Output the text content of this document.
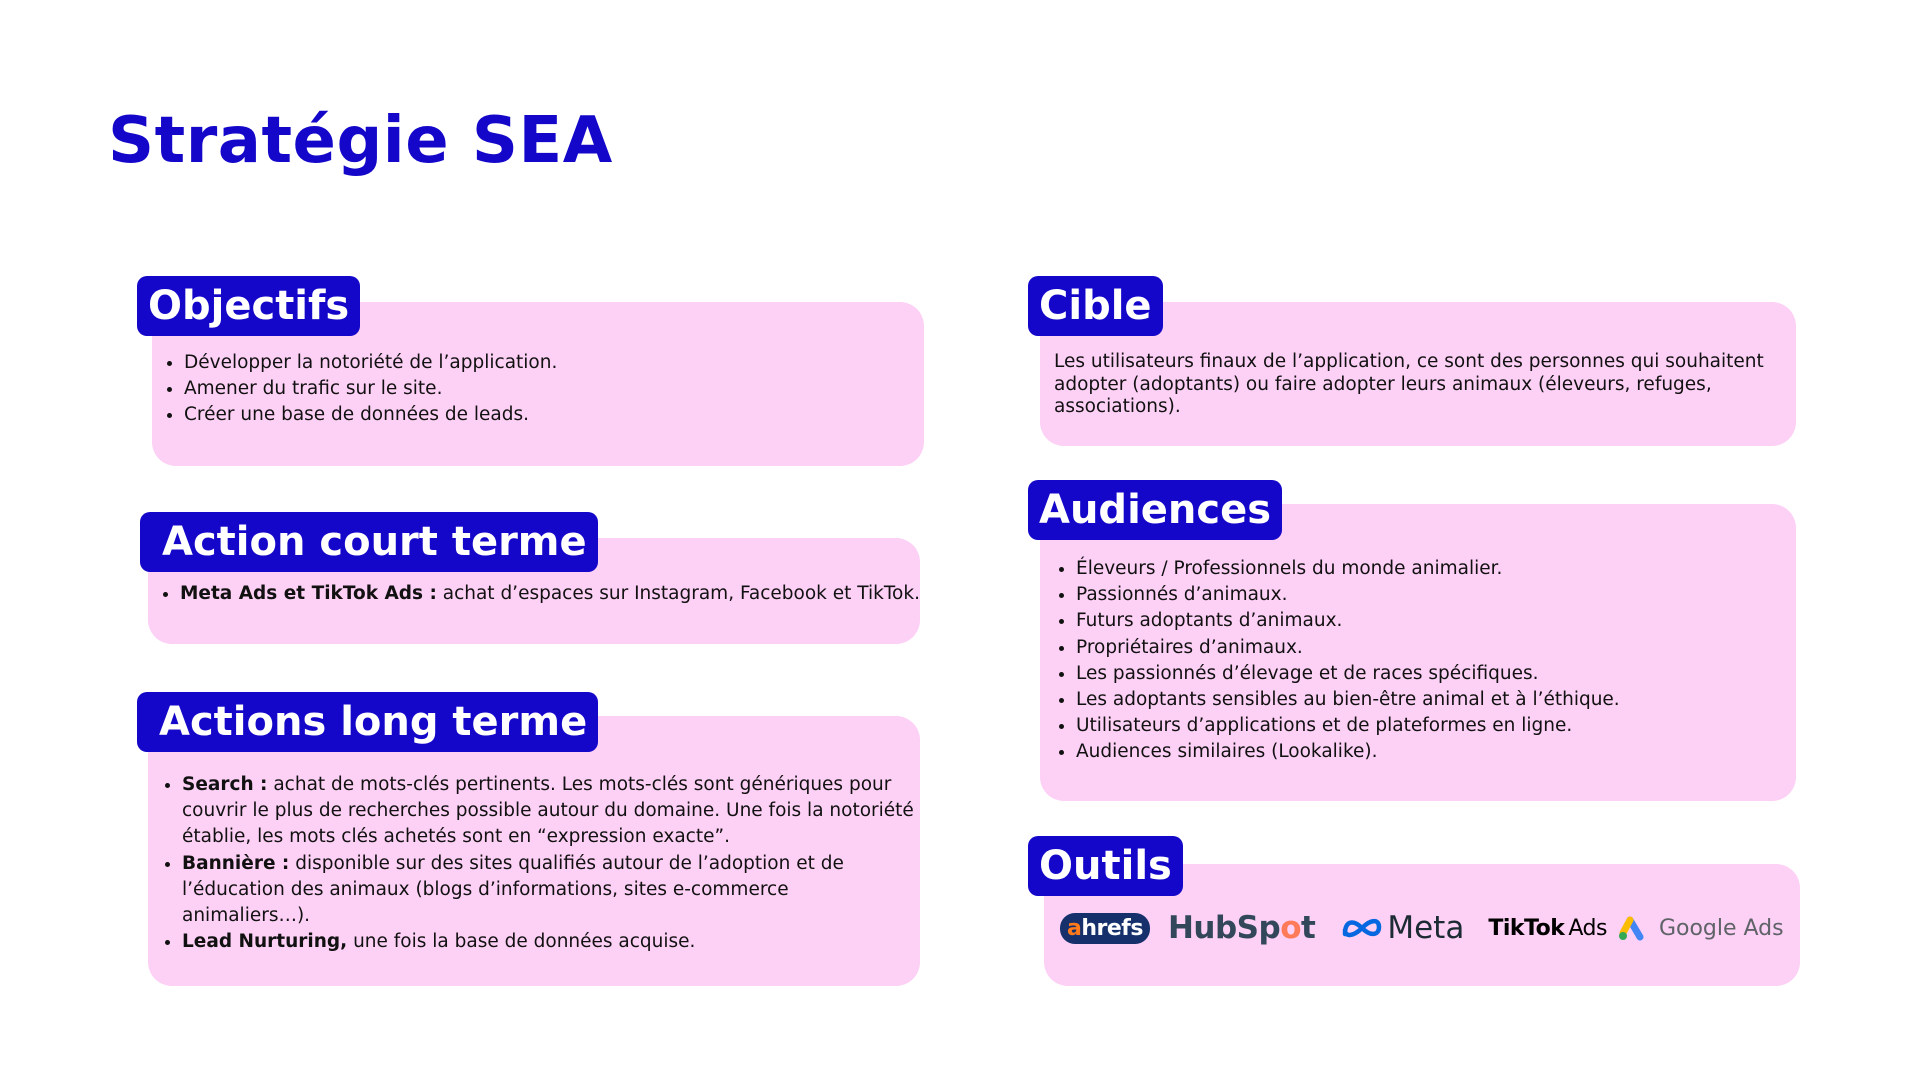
Stratégie SEA
Objectifs
• Développer la notoriété de l’application.
• Amener du trafic sur le site.
• Créer une base de données de leads.
Action court terme
• Meta Ads et TikTok Ads : achat d’espaces sur Instagram, Facebook et TikTok.
Actions long terme
• Search : achat de mots-clés pertinents. Les mots-clés sont génériques pour couvrir le plus de recherches possible autour du domaine. Une fois la notoriété établie, les mots clés achetés sont en “expression exacte”.
• Bannière : disponible sur des sites qualifiés autour de l’adoption et de l’éducation des animaux (blogs d’informations, sites e-commerce animaliers…).
• Lead Nurturing, une fois la base de données acquise.
Cible

Les utilisateurs finaux de l’application, ce sont des personnes qui souhaitent adopter (adoptants) ou faire adopter leurs animaux (éleveurs, refuges, associations).

Audiences
• Éleveurs / Professionnels du monde animalier.
• Passionnés d’animaux.
• Futurs adoptants d’animaux.
• Propriétaires d’animaux.
• Les passionnés d’élevage et de races spécifiques.
• Les adoptants sensibles au bien-être animal et à l’éthique.
• Utilisateurs d’applications et de plateformes en ligne.
• Audiences similaires (Lookalike).
Outils
a hrefs HubSp o t Meta TikTok Ads Google Ads
